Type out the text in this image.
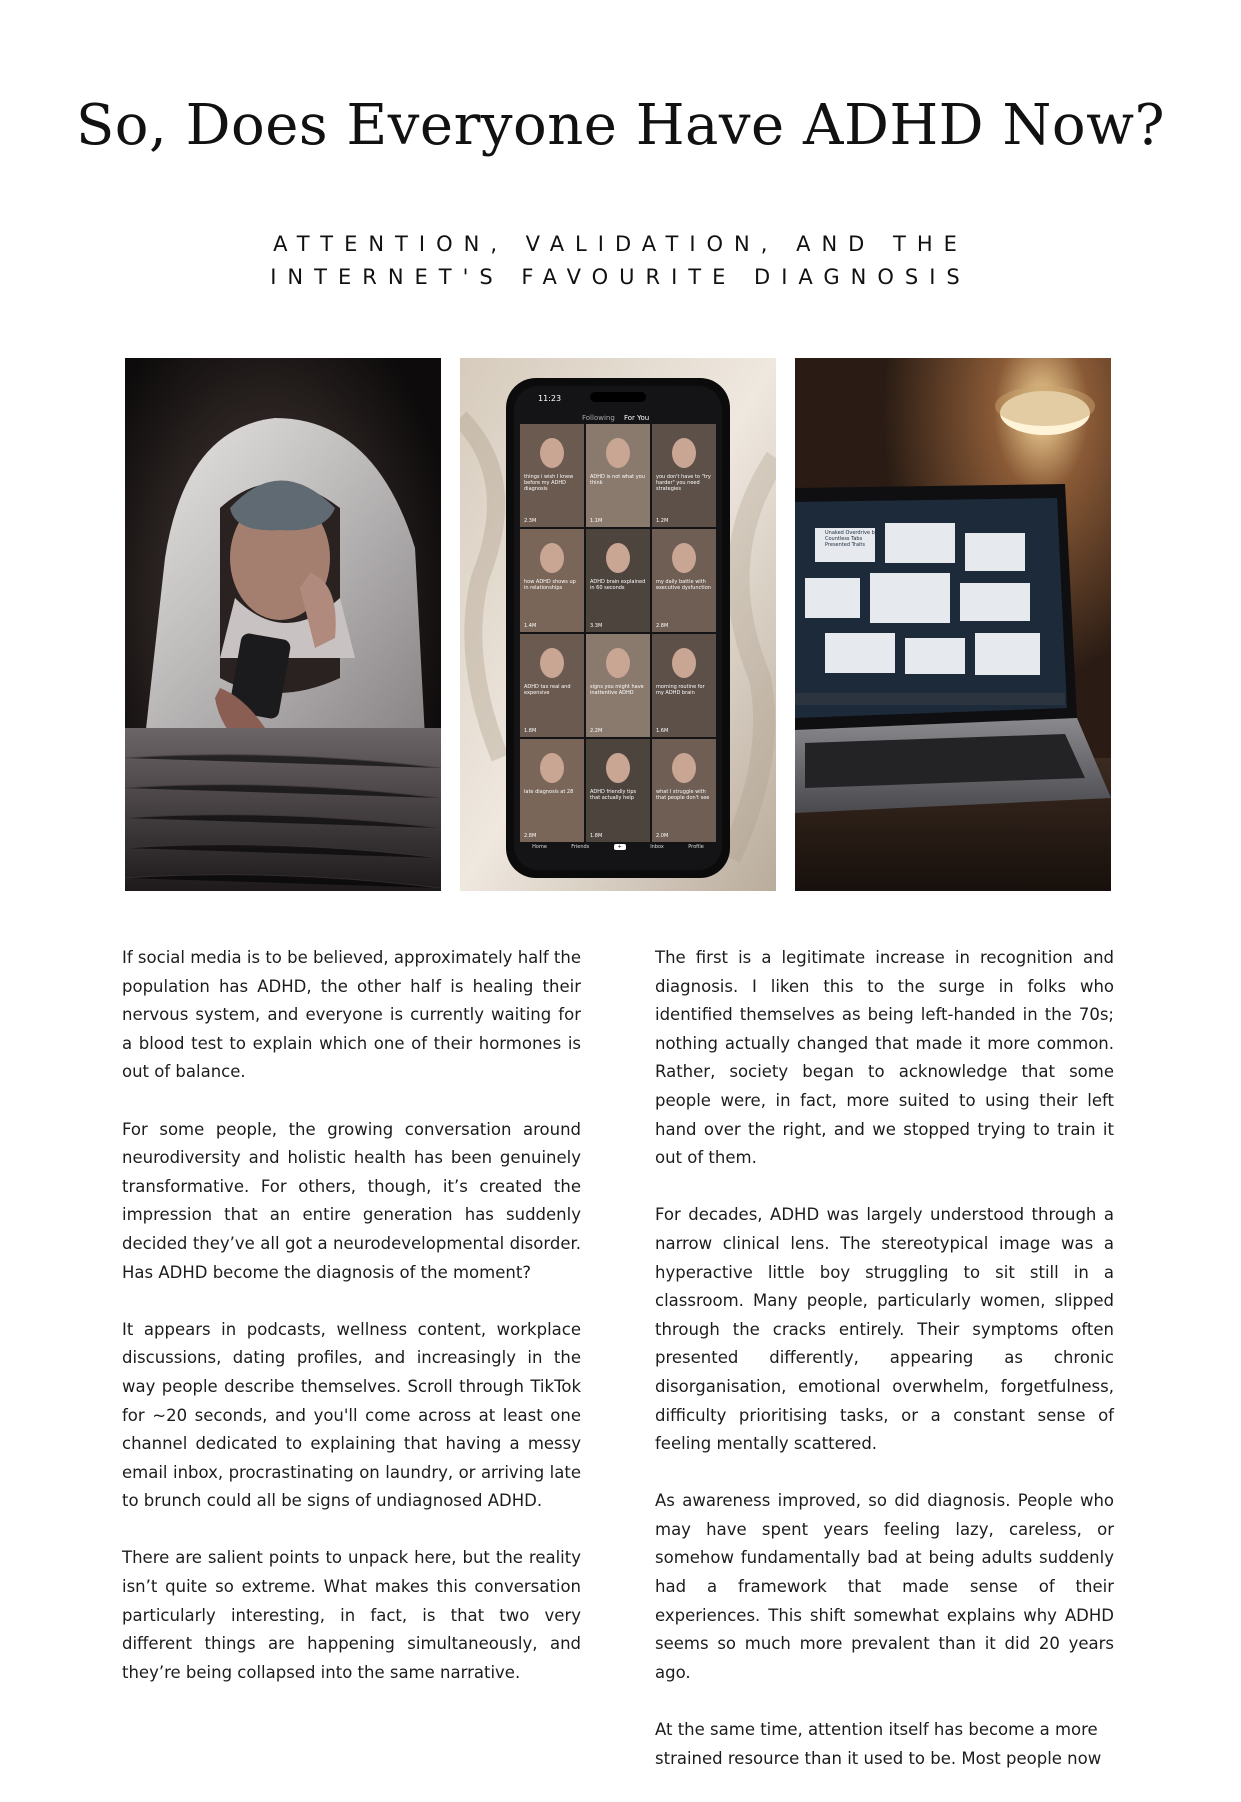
So, Does Everyone Have ADHD Now?
ATTENTION, VALIDATION, AND THE
INTERNET'S FAVOURITE DIAGNOSIS
11:23
Following For You
things i wish I knew before my ADHD diagnosis
2.3M
ADHD is not what you think
1.1M
you don't have to "try harder" you need strategies
1.2M
how ADHD shows up in relationships
1.4M
ADHD brain explained in 60 seconds
3.3M
my daily battle with executive dysfunction
2.8M
ADHD tax real and expensive
1.8M
signs you might have inattentive ADHD
2.2M
morning routine for my ADHD brain
1.6M
late diagnosis at 28
2.8M
ADHD friendly tips that actually help
1.8M
what I struggle with that people don't see
2.0M
Home	Friends	+	Inbox	Profile
Unaked Overdrive by Countless Tabs Presented Traits

If social media is to be believed, approximately half the population has ADHD, the other half is healing their nervous system, and everyone is currently waiting for a blood test to explain which one of their hormones is out of balance.

For some people, the growing conversation around neurodiversity and holistic health has been genuinely transformative. For others, though, it’s created the impression that an entire generation has suddenly decided they’ve all got a neurodevelopmental disorder. Has ADHD become the diagnosis of the moment?

It appears in podcasts, wellness content, workplace discussions, dating profiles, and increasingly in the way people describe themselves. Scroll through TikTok for ~20 seconds, and you'll come across at least one channel dedicated to explaining that having a messy email inbox, procrastinating on laundry, or arriving late to brunch could all be signs of undiagnosed ADHD.

There are salient points to unpack here, but the reality isn’t quite so extreme. What makes this conversation particularly interesting, in fact, is that two very different things are happening simultaneously, and they’re being collapsed into the same narrative.

The first is a legitimate increase in recognition and diagnosis. I liken this to the surge in folks who identified themselves as being left-handed in the 70s; nothing actually changed that made it more common. Rather, society began to acknowledge that some people were, in fact, more suited to using their left hand over the right, and we stopped trying to train it out of them.

For decades, ADHD was largely understood through a narrow clinical lens. The stereotypical image was a hyperactive little boy struggling to sit still in a classroom. Many people, particularly women, slipped through the cracks entirely. Their symptoms often presented differently, appearing as chronic disorganisation, emotional overwhelm, forgetfulness, difficulty prioritising tasks, or a constant sense of feeling mentally scattered.

As awareness improved, so did diagnosis. People who may have spent years feeling lazy, careless, or somehow fundamentally bad at being adults suddenly had a framework that made sense of their experiences. This shift somewhat explains why ADHD seems so much more prevalent than it did 20 years ago.

At the same time, attention itself has become a more strained resource than it used to be. Most people now
